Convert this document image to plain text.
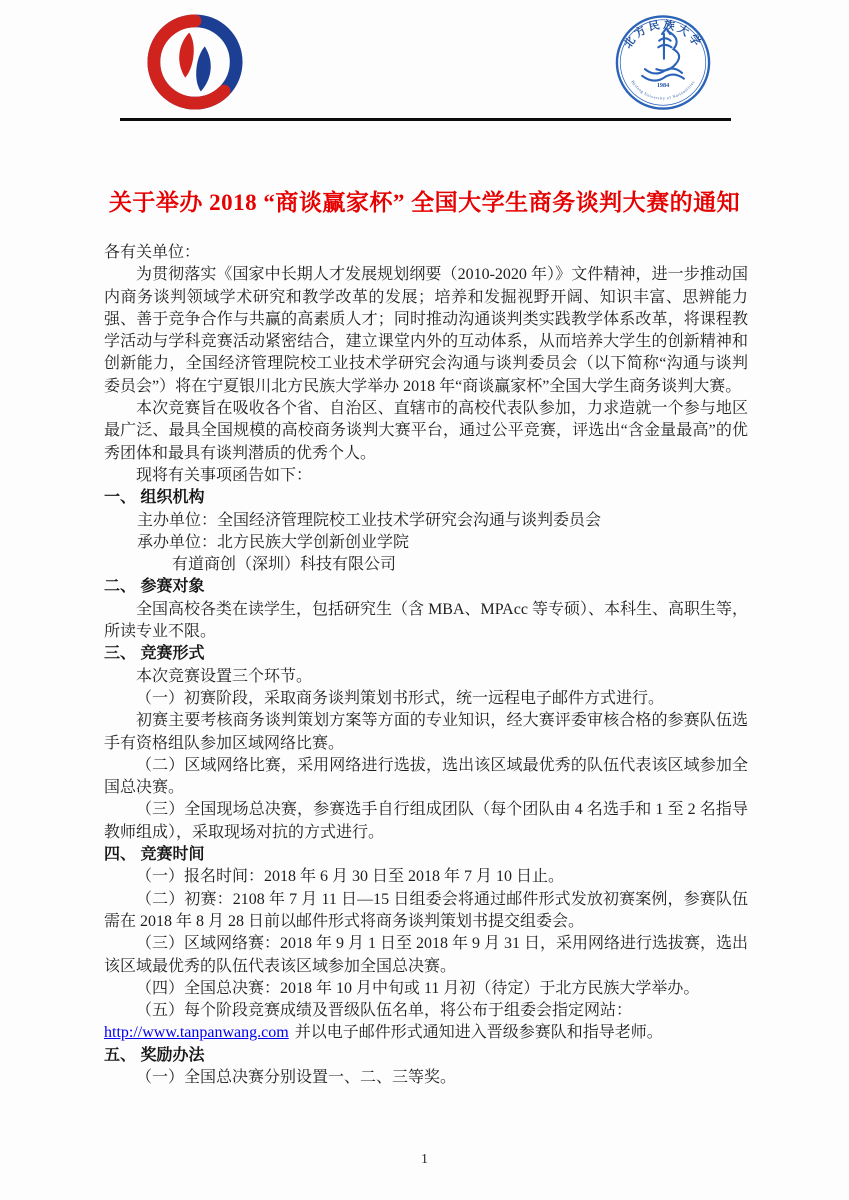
北方民族大学
1984
Beifang University of Nationalities
关于举办 2018 “商谈赢家杯” 全国大学生商务谈判大赛的通知

各有关单位：

为贯彻落实《国家中长期人才发展规划纲要（2010-2020 年）》文件精神，进一步推动国内商务谈判领域学术研究和教学改革的发展；培养和发掘视野开阔、知识丰富、思辨能力强、善于竞争合作与共赢的高素质人才；同时推动沟通谈判类实践教学体系改革，将课程教学活动与学科竞赛活动紧密结合，建立课堂内外的互动体系，从而培养大学生的创新精神和创新能力，全国经济管理院校工业技术学研究会沟通与谈判委员会（以下简称“沟通与谈判委员会”）将在宁夏银川北方民族大学举办 2018 年“商谈赢家杯”全国大学生商务谈判大赛。

本次竞赛旨在吸收各个省、自治区、直辖市的高校代表队参加，力求造就一个参与地区最广泛、最具全国规模的高校商务谈判大赛平台，通过公平竞赛，评选出“含金量最高”的优秀团体和最具有谈判潜质的优秀个人。

现将有关事项函告如下：

一、 组织机构

主办单位：全国经济管理院校工业技术学研究会沟通与谈判委员会

承办单位：北方民族大学创新创业学院

有道商创（深圳）科技有限公司

二、 参赛对象

全国高校各类在读学生，包括研究生（含 MBA、MPAcc 等专硕）、本科生、高职生等，所读专业不限。

三、 竞赛形式

本次竞赛设置三个环节。

（一）初赛阶段，采取商务谈判策划书形式，统一远程电子邮件方式进行。

初赛主要考核商务谈判策划方案等方面的专业知识，经大赛评委审核合格的参赛队伍选手有资格组队参加区域网络比赛。

（二）区域网络比赛，采用网络进行选拔，选出该区域最优秀的队伍代表该区域参加全国总决赛。

（三）全国现场总决赛，参赛选手自行组成团队（每个团队由 4 名选手和 1 至 2 名指导教师组成），采取现场对抗的方式进行。

四、 竞赛时间

（一）报名时间：2018 年 6 月 30 日至 2018 年 7 月 10 日止。

（二）初赛：2108 年 7 月 11 日—15 日组委会将通过邮件形式发放初赛案例，参赛队伍需在 2018 年 8 月 28 日前以邮件形式将商务谈判策划书提交组委会。

（三）区域网络赛：2018 年 9 月 1 日至 2018 年 9 月 31 日，采用网络进行选拔赛，选出该区域最优秀的队伍代表该区域参加全国总决赛。

（四）全国总决赛：2018 年 10 月中旬或 11 月初（待定）于北方民族大学举办。

（五）每个阶段竞赛成绩及晋级队伍名单，将公布于组委会指定网站：

http://www.tanpanwang.com 并以电子邮件形式通知进入晋级参赛队和指导老师。

五、 奖励办法

（一）全国总决赛分别设置一、二、三等奖。

1
